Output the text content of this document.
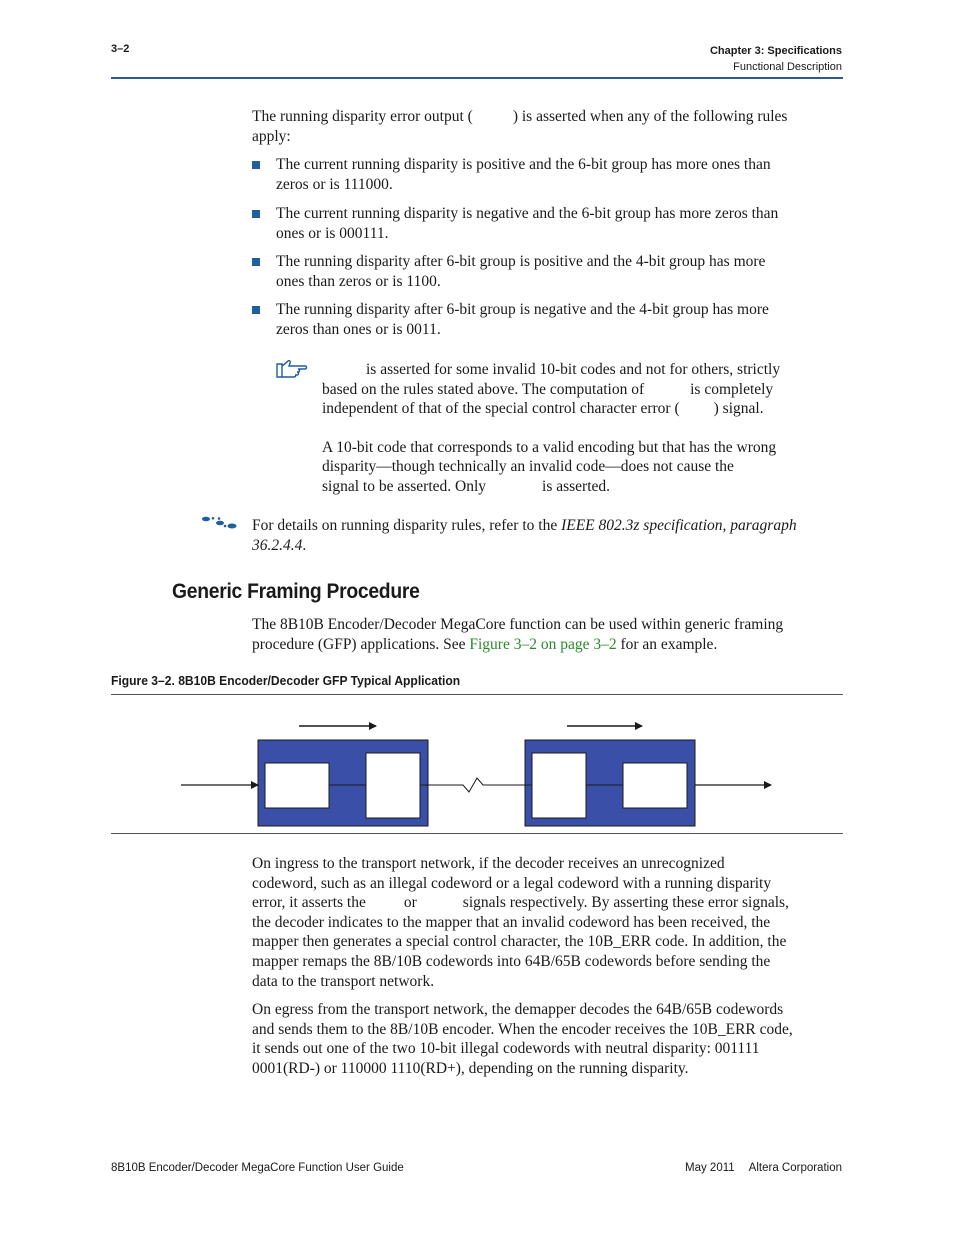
3–2	Chapter 3: Specifications
Functional Description
The running disparity error output (	) is asserted when any of the following rules
apply:
The current running disparity is positive and the 6-bit group has more ones than
zeros or is 111000.
The current running disparity is negative and the 6-bit group has more zeros than
ones or is 000111.
The running disparity after 6-bit group is positive and the 4-bit group has more
ones than zeros or is 1100.
The running disparity after 6-bit group is negative and the 4-bit group has more
zeros than ones or is 0011.
is asserted for some invalid 10-bit codes and not for others, strictly
based on the rules stated above. The computation of	is completely
independent of that of the special control character error ( ) signal.
A 10-bit code that corresponds to a valid encoding but that has the wrong
disparity—though technically an invalid code—does not cause the
signal to be asserted. Only	is asserted.
For details on running disparity rules, refer to the IEEE 802.3z specification, paragraph
36.2.4.4.
Generic Framing Procedure
The 8B10B Encoder/Decoder MegaCore function can be used within generic framing
procedure (GFP) applications. See Figure 3–2 on page 3–2 for an example.
Figure 3–2. 8B10B Encoder/Decoder GFP Typical Application
On ingress to the transport network, if the decoder receives an unrecognized
codeword, such as an illegal codeword or a legal codeword with a running disparity
error, it asserts the or	signals respectively. By asserting these error signals,
the decoder indicates to the mapper that an invalid codeword has been received, the
mapper then generates a special control character, the 10B_ERR code. In addition, the
mapper remaps the 8B/10B codewords into 64B/65B codewords before sending the
data to the transport network.
On egress from the transport network, the demapper decodes the 64B/65B codewords
and sends them to the 8B/10B encoder. When the encoder receives the 10B_ERR code,
it sends out one of the two 10-bit illegal codewords with neutral disparity: 001111
0001(RD-) or 110000 1110(RD+), depending on the running disparity.
8B10B Encoder/Decoder MegaCore Function User Guide	May 2011 Altera Corporation
